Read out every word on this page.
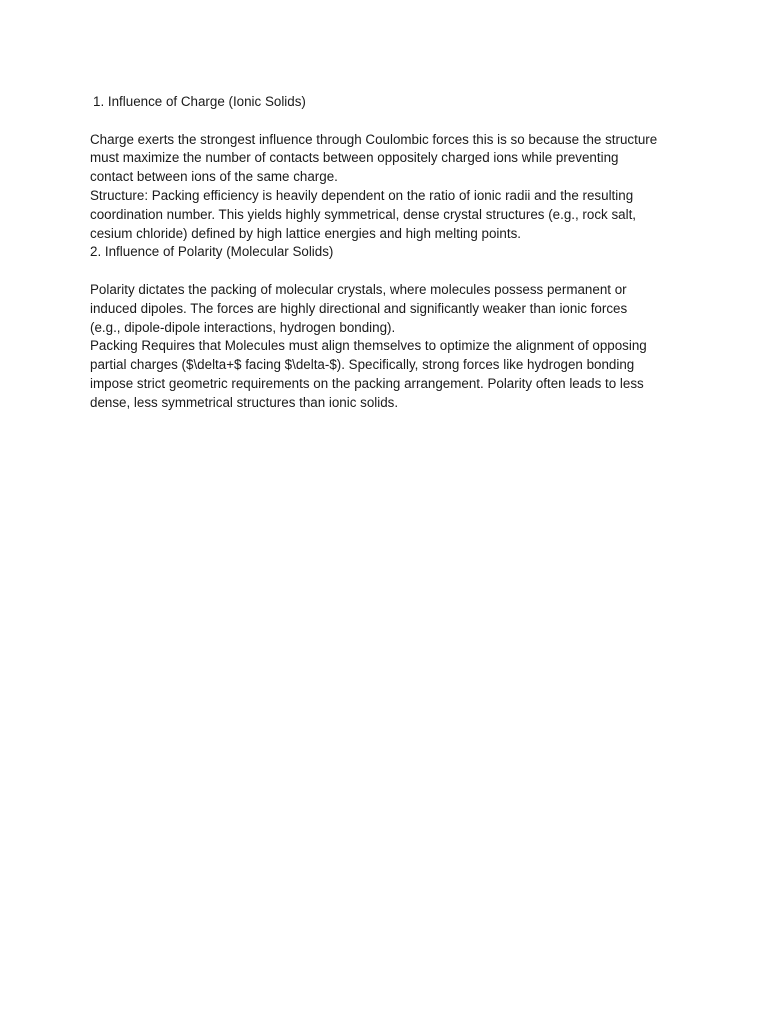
1. Influence of Charge (Ionic Solids)
Charge exerts the strongest influence through Coulombic forces this is so because the structure
must maximize the number of contacts between oppositely charged ions while preventing
contact between ions of the same charge.
Structure: Packing efficiency is heavily dependent on the ratio of ionic radii and the resulting
coordination number. This yields highly symmetrical, dense crystal structures (e.g., rock salt,
cesium chloride) defined by high lattice energies and high melting points.
2. Influence of Polarity (Molecular Solids)
Polarity dictates the packing of molecular crystals, where molecules possess permanent or
induced dipoles. The forces are highly directional and significantly weaker than ionic forces
(e.g., dipole-dipole interactions, hydrogen bonding).
Packing Requires that Molecules must align themselves to optimize the alignment of opposing
partial charges ($\delta+$ facing $\delta-$). Specifically, strong forces like hydrogen bonding
impose strict geometric requirements on the packing arrangement. Polarity often leads to less
dense, less symmetrical structures than ionic solids.
